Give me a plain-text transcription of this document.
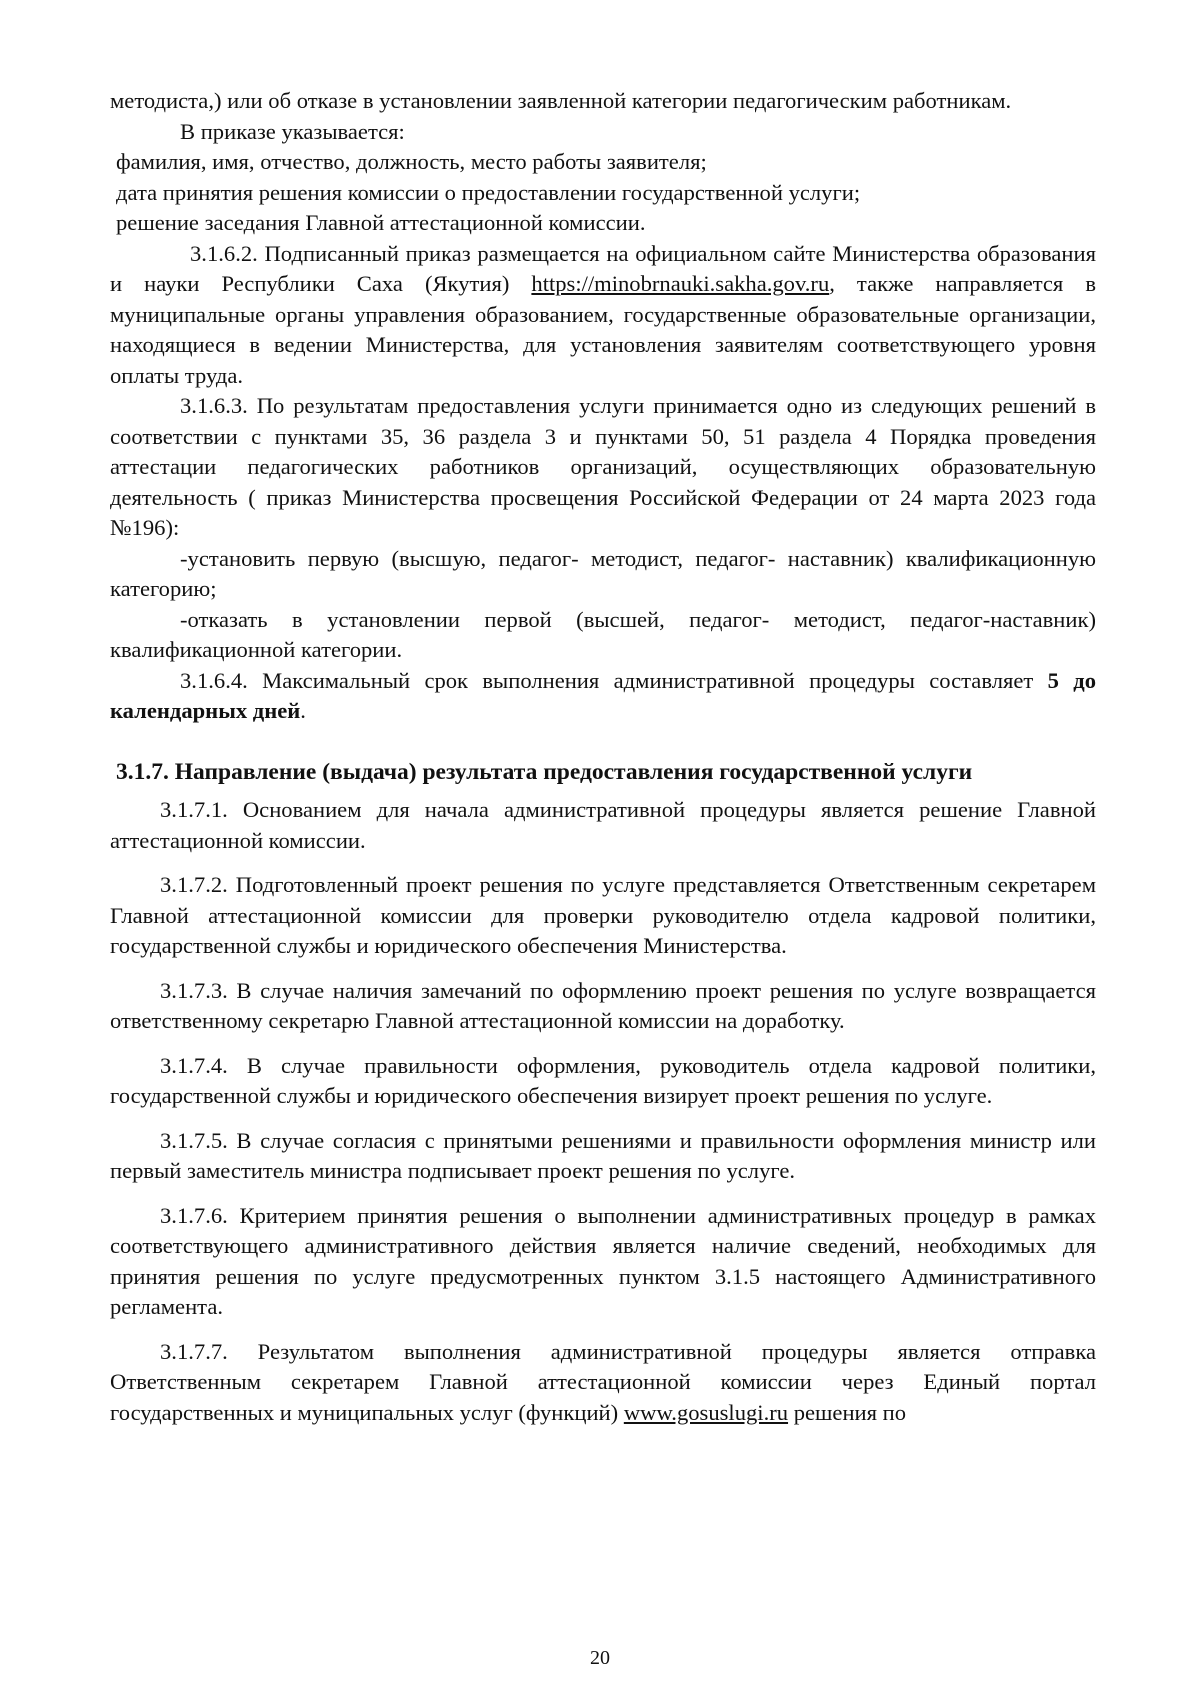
методиста,) или об отказе в установлении заявленной категории педагогическим работникам.

В приказе указывается:

фамилия, имя, отчество, должность, место работы заявителя;

дата принятия решения комиссии о предоставлении государственной услуги;

решение заседания Главной аттестационной комиссии.

3.1.6.2. Подписанный приказ размещается на официальном сайте Министерства образования и науки Республики Саха (Якутия) https://minobrnauki.sakha.gov.ru, также направляется в муниципальные органы управления образованием, государственные образовательные организации, находящиеся в ведении Министерства, для установления заявителям соответствующего уровня оплаты труда.

3.1.6.3. По результатам предоставления услуги принимается одно из следующих решений в соответствии с пунктами 35, 36 раздела 3 и пунктами 50, 51 раздела 4 Порядка проведения аттестации педагогических работников организаций, осуществляющих образовательную деятельность ( приказ Министерства просвещения Российской Федерации от 24 марта 2023 года №196):

-установить первую (высшую, педагог- методист, педагог- наставник) квалификационную категорию;

-отказать в установлении первой (высшей, педагог- методист, педагог-наставник) квалификационной категории.

3.1.6.4. Максимальный срок выполнения административной процедуры составляет 5 до календарных дней.

3.1.7. Направление (выдача) результата предоставления государственной услуги

3.1.7.1. Основанием для начала административной процедуры является решение Главной аттестационной комиссии.

3.1.7.2. Подготовленный проект решения по услуге представляется Ответственным секретарем Главной аттестационной комиссии для проверки руководителю отдела кадровой политики, государственной службы и юридического обеспечения Министерства.

3.1.7.3. В случае наличия замечаний по оформлению проект решения по услуге возвращается ответственному секретарю Главной аттестационной комиссии на доработку.

3.1.7.4. В случае правильности оформления, руководитель отдела кадровой политики, государственной службы и юридического обеспечения визирует проект решения по услуге.

3.1.7.5. В случае согласия с принятыми решениями и правильности оформления министр или первый заместитель министра подписывает проект решения по услуге.

3.1.7.6. Критерием принятия решения о выполнении административных процедур в рамках соответствующего административного действия является наличие сведений, необходимых для принятия решения по услуге предусмотренных пунктом 3.1.5 настоящего Административного регламента.

3.1.7.7. Результатом выполнения административной процедуры является отправка Ответственным секретарем Главной аттестационной комиссии через Единый портал государственных и муниципальных услуг (функций) www.gosuslugi.ru решения по

20
